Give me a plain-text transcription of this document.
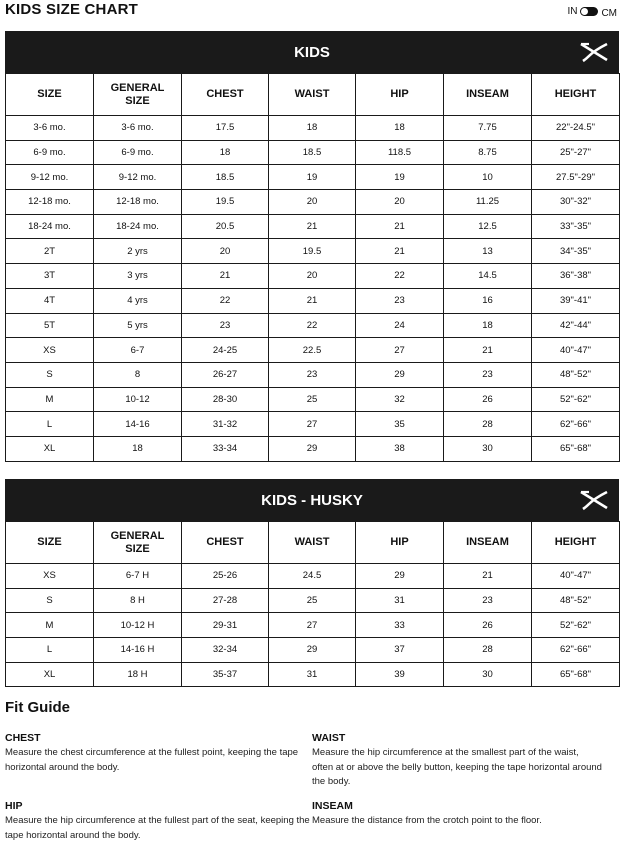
KIDS SIZE CHART	IN CM
KIDS
SIZE	GENERAL SIZE	CHEST	WAIST	HIP	INSEAM	HEIGHT
3-6 mo.	3-6 mo.	17.5	18	18	7.75	22"-24.5"
6-9 mo.	6-9 mo.	18	18.5	118.5	8.75	25"-27"
9-12 mo.	9-12 mo.	18.5	19	19	10	27.5"-29"
12-18 mo.	12-18 mo.	19.5	20	20	11.25	30"-32"
18-24 mo.	18-24 mo.	20.5	21	21	12.5	33"-35"
2T	2 yrs	20	19.5	21	13	34"-35"
3T	3 yrs	21	20	22	14.5	36"-38"
4T	4 yrs	22	21	23	16	39"-41"
5T	5 yrs	23	22	24	18	42"-44"
XS	6-7	24-25	22.5	27	21	40"-47"
S	8	26-27	23	29	23	48"-52"
M	10-12	28-30	25	32	26	52"-62"
L	14-16	31-32	27	35	28	62"-66"
XL	18	33-34	29	38	30	65"-68"
KIDS - HUSKY
SIZE	GENERAL SIZE	CHEST	WAIST	HIP	INSEAM	HEIGHT
XS	6-7 H	25-26	24.5	29	21	40"-47"
S	8 H	27-28	25	31	23	48"-52"
M	10-12 H	29-31	27	33	26	52"-62"
L	14-16 H	32-34	29	37	28	62"-66"
XL	18 H	35-37	31	39	30	65"-68"
Fit Guide
CHEST

Measure the chest circumference at the fullest point, keeping the tape horizontal around the body.

WAIST

Measure the hip circumference at the smallest part of the waist, often at or above the belly button, keeping the tape horizontal around the body.

HIP

Measure the hip circumference at the fullest part of the seat, keeping the tape horizontal around the body.

INSEAM

Measure the distance from the crotch point to the floor.
